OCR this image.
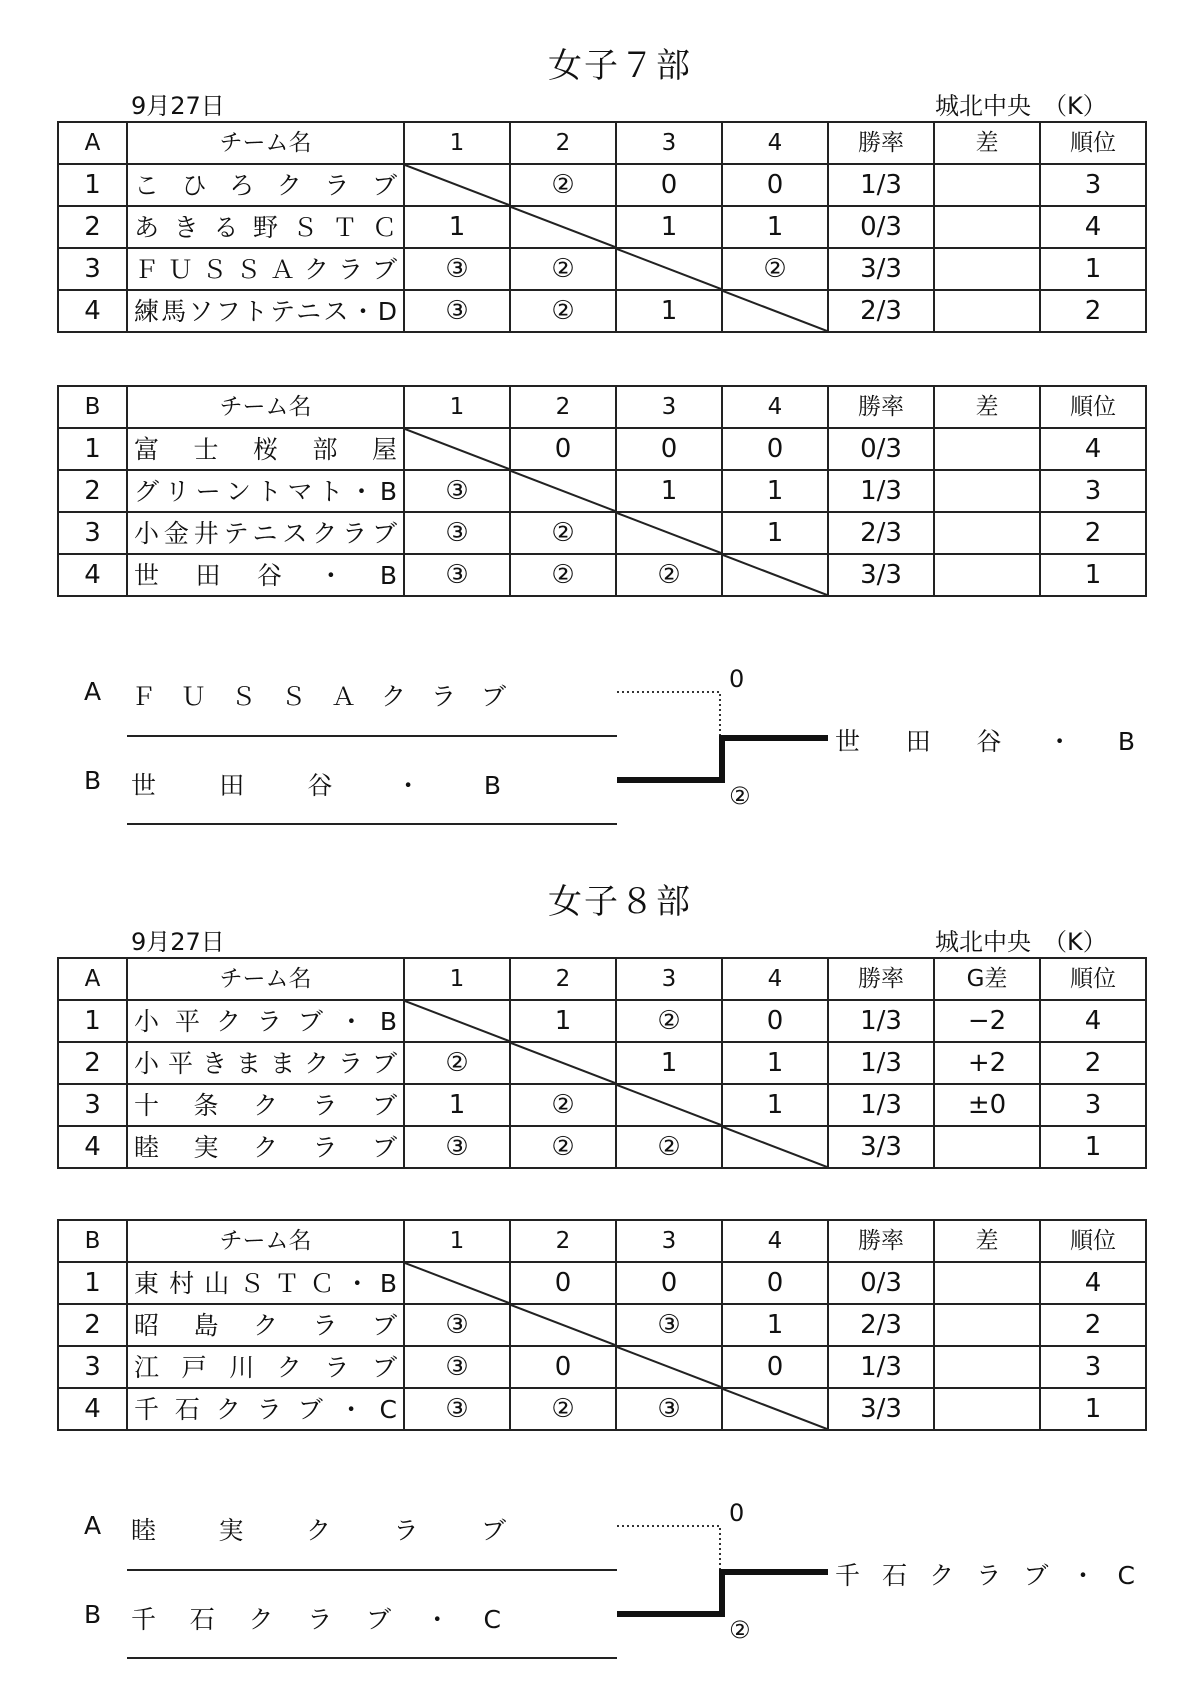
女子７部
9月27日	城北中央　（K）
A	チーム名	1	2	3	4	勝率	差	順位
1	こひろクラブ		②	0	0	1/3		3
2	あきる野ＳＴＣ	1		1	1	0/3		4
3	ＦＵＳＳＡクラブ	③	②		②	3/3		1
4	練馬ソフトテニス・D	③	②	1		2/3		2
B	チーム名	1	2	3	4	勝率	差	順位
1	富士桜部屋		0	0	0	0/3		4
2	グリーントマト・B	③		1	1	1/3		3
3	小金井テニスクラブ	③	②		1	2/3		2
4	世田谷・B	③	②	②		3/3		1
A ＦＵＳＳＡクラブ
B 世田谷・B
0
②
世田谷・B
女子８部
9月27日	城北中央　（K）
A	チーム名	1	2	3	4	勝率	G差	順位
1	小平クラブ・B		1	②	0	1/3	−2	4
2	小平きままクラブ	②		1	1	1/3	+2	2
3	十条クラブ	1	②		1	1/3	±0	3
4	睦実クラブ	③	②	②		3/3		1
B	チーム名	1	2	3	4	勝率	差	順位
1	東村山ＳＴＣ・B		0	0	0	0/3		4
2	昭島クラブ	③		③	1	2/3		2
3	江戸川クラブ	③	0		0	1/3		3
4	千石クラブ・C	③	②	③		3/3		1
A 睦実クラブ
B 千石クラブ・C
0
②
千石クラブ・C
